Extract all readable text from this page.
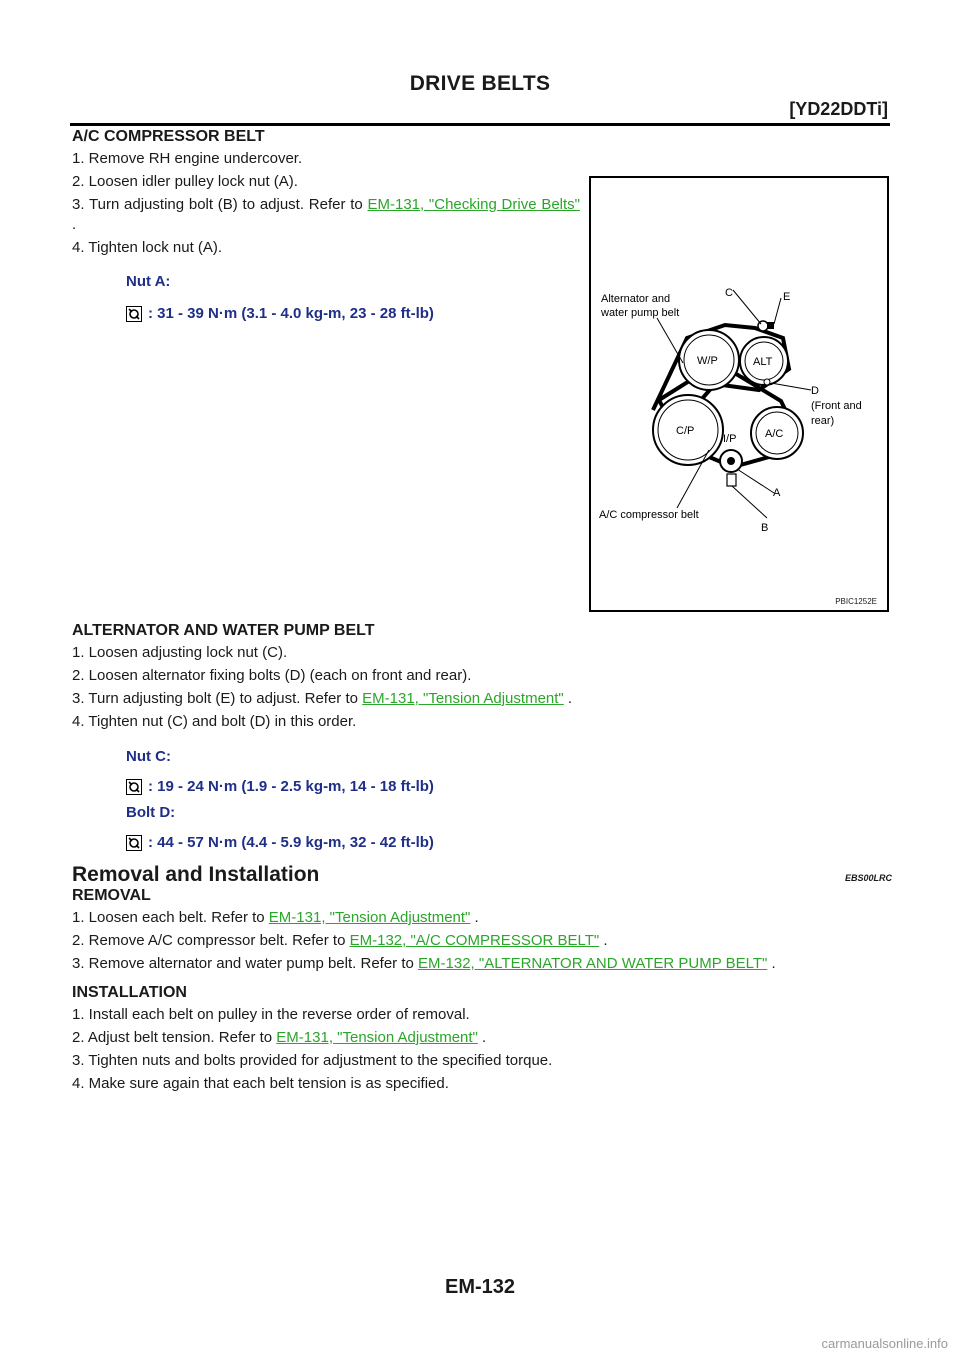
DRIVE BELTS
[YD22DDTi]
A/C COMPRESSOR BELT
1. Remove RH engine undercover.
2. Loosen idler pulley lock nut (A).
3. Turn adjusting bolt (B) to adjust. Refer to EM-131, "Checking Drive Belts" .
4. Tighten lock nut (A).
Nut A:
: 31 - 39 N·m (3.1 - 4.0 kg-m, 23 - 28 ft-lb)
ALTERNATOR AND WATER PUMP BELT
1. Loosen adjusting lock nut (C).
2. Loosen alternator fixing bolts (D) (each on front and rear).
3. Turn adjusting bolt (E) to adjust. Refer to EM-131, "Tension Adjustment" .
4. Tighten nut (C) and bolt (D) in this order.
Nut C:
: 19 - 24 N·m (1.9 - 2.5 kg-m, 14 - 18 ft-lb)
Bolt D:
: 44 - 57 N·m (4.4 - 5.9 kg-m, 32 - 42 ft-lb)
Removal and Installation	EBS00LRC
REMOVAL
1. Loosen each belt. Refer to EM-131, "Tension Adjustment" .
2. Remove A/C compressor belt. Refer to EM-132, "A/C COMPRESSOR BELT" .
3. Remove alternator and water pump belt. Refer to EM-132, "ALTERNATOR AND WATER PUMP BELT" .
INSTALLATION
1. Install each belt on pulley in the reverse order of removal.
2. Adjust belt tension. Refer to EM-131, "Tension Adjustment" .
3. Tighten nuts and bolts provided for adjustment to the specified torque.
4. Make sure again that each belt tension is as specified.
W/P	ALT
C/P	A/C
Alternator and
water pump belt
C	E
D
(Front and
rear)
I/P
A
A/C compressor belt
B
PBIC1252E
EM-132
carmanualsonline.info
